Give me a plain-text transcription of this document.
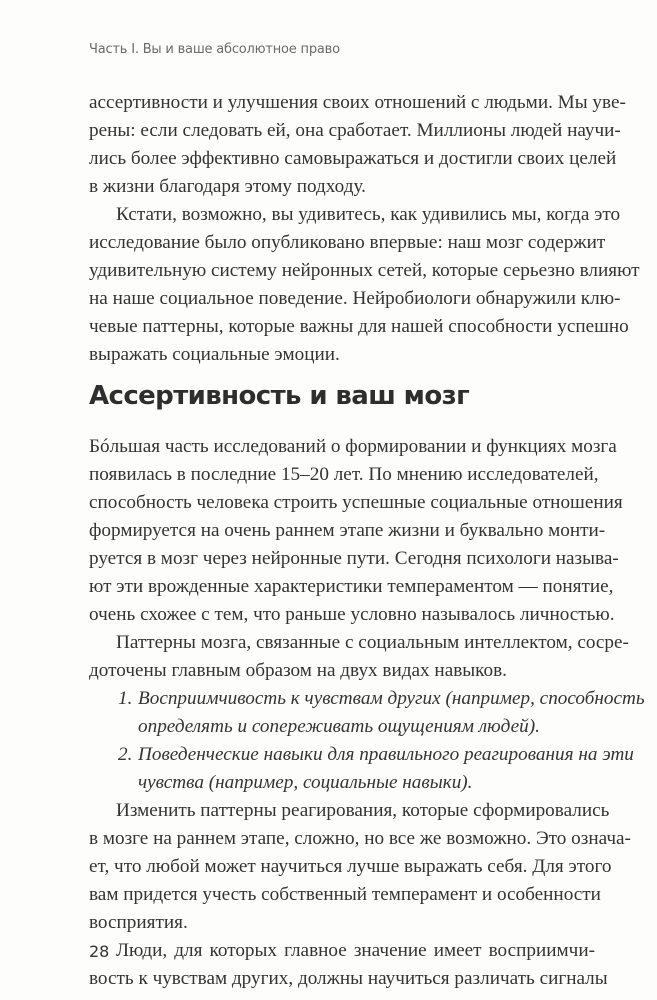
Часть I. Вы и ваше абсолютное право
ассертивности и улучшения своих отношений с людьми. Мы уве-
рены: если следовать ей, она сработает. Миллионы людей научи-
лись более эффективно самовыражаться и достигли своих целей
в жизни благодаря этому подходу.
Кстати, возможно, вы удивитесь, как удивились мы, когда это
исследование было опубликовано впервые: наш мозг содержит
удивительную систему нейронных сетей, которые серьезно влияют
на наше социальное поведение. Нейробиологи обнаружили клю-
чевые паттерны, которые важны для нашей способности успешно
выражать социальные эмоции.
Ассертивность и ваш мозг
Бóльшая часть исследований о формировании и функциях мозга
появилась в последние 15–20 лет. По мнению исследователей,
способность человека строить успешные социальные отношения
формируется на очень раннем этапе жизни и буквально монти-
руется в мозг через нейронные пути. Сегодня психологи называ-
ют эти врожденные характеристики темпераментом — понятие,
очень схожее с тем, что раньше условно называлось личностью.
Паттерны мозга, связанные с социальным интеллектом, сосре-
доточены главным образом на двух видах навыков.
1. Восприимчивость к чувствам других (например, способность
определять и сопереживать ощущениям людей).
2. Поведенческие навыки для правильного реагирования на эти
чувства (например, социальные навыки).
Изменить паттерны реагирования, которые сформировались
в мозге на раннем этапе, сложно, но все же возможно. Это означа-
ет, что любой может научиться лучше выражать себя. Для этого
вам придется учесть собственный темперамент и особенности
восприятия.
Люди, для которых главное значение имеет восприимчи-
вость к чувствам других, должны научиться различать сигналы
28
